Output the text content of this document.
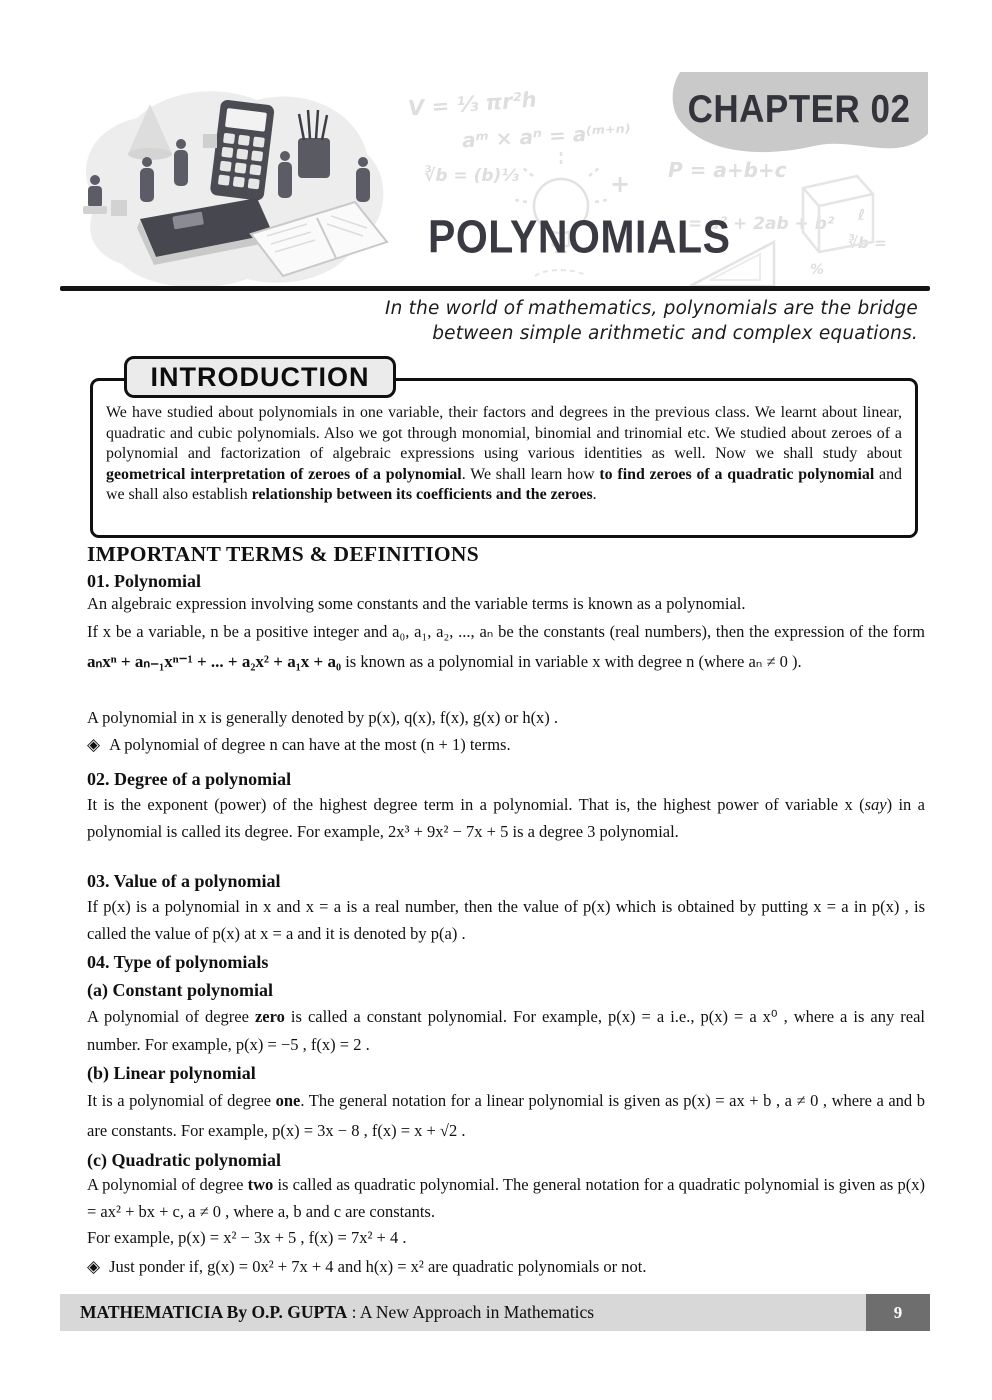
CHAPTER 02
V = ⅓ πr²h
aᵐ × aⁿ = a⁽ᵐ⁺ⁿ⁾
∛b = (b)⅓	P = a+b+c
= a² + 2ab + b²
∛b =
+
ℓ
%
POLYNOMIALS
In the world of mathematics, polynomials are the bridge
between simple arithmetic and complex equations.
INTRODUCTION
We have studied about polynomials in one variable, their factors and degrees in the previous class. We learnt about linear, quadratic and cubic polynomials. Also we got through monomial, binomial and trinomial etc. We studied about zeroes of a polynomial and factorization of algebraic expressions using various identities as well. Now we shall study about geometrical interpretation of zeroes of a polynomial. We shall learn how to find zeroes of a quadratic polynomial and we shall also establish relationship between its coefficients and the zeroes.
IMPORTANT TERMS & DEFINITIONS
01. Polynomial
An algebraic expression involving some constants and the variable terms is known as a polynomial.
If x be a variable, n be a positive integer and a₀, a₁, a₂, ..., aₙ be the constants (real numbers), then the expression of the form aₙxⁿ + aₙ₋₁xⁿ⁻¹ + ... + a₂x² + a₁x + a₀ is known as a polynomial in variable x with degree n (where aₙ ≠ 0 ).
A polynomial in x is generally denoted by p(x), q(x), f(x), g(x) or h(x) .
◈ A polynomial of degree n can have at the most (n + 1) terms.
02. Degree of a polynomial
It is the exponent (power) of the highest degree term in a polynomial. That is, the highest power of variable x (say) in a polynomial is called its degree. For example, 2x³ + 9x² − 7x + 5 is a degree 3 polynomial.
03. Value of a polynomial
If p(x) is a polynomial in x and x = a is a real number, then the value of p(x) which is obtained by putting x = a in p(x) , is called the value of p(x) at x = a and it is denoted by p(a) .
04. Type of polynomials
(a) Constant polynomial
A polynomial of degree zero is called a constant polynomial. For example, p(x) = a i.e., p(x) = a x⁰ , where a is any real number. For example, p(x) = −5 , f(x) = 2 .
(b) Linear polynomial
It is a polynomial of degree one. The general notation for a linear polynomial is given as p(x) = ax + b , a ≠ 0 , where a and b are constants. For example, p(x) = 3x − 8 , f(x) = x + √2 .
(c) Quadratic polynomial
A polynomial of degree two is called as quadratic polynomial. The general notation for a quadratic polynomial is given as p(x) = ax² + bx + c, a ≠ 0 , where a, b and c are constants.
For example, p(x) = x² − 3x + 5 , f(x) = 7x² + 4 .
◈ Just ponder if, g(x) = 0x² + 7x + 4 and h(x) = x² are quadratic polynomials or not.
MATHEMATICIA By O.P. GUPTA : A New Approach in Mathematics	9
